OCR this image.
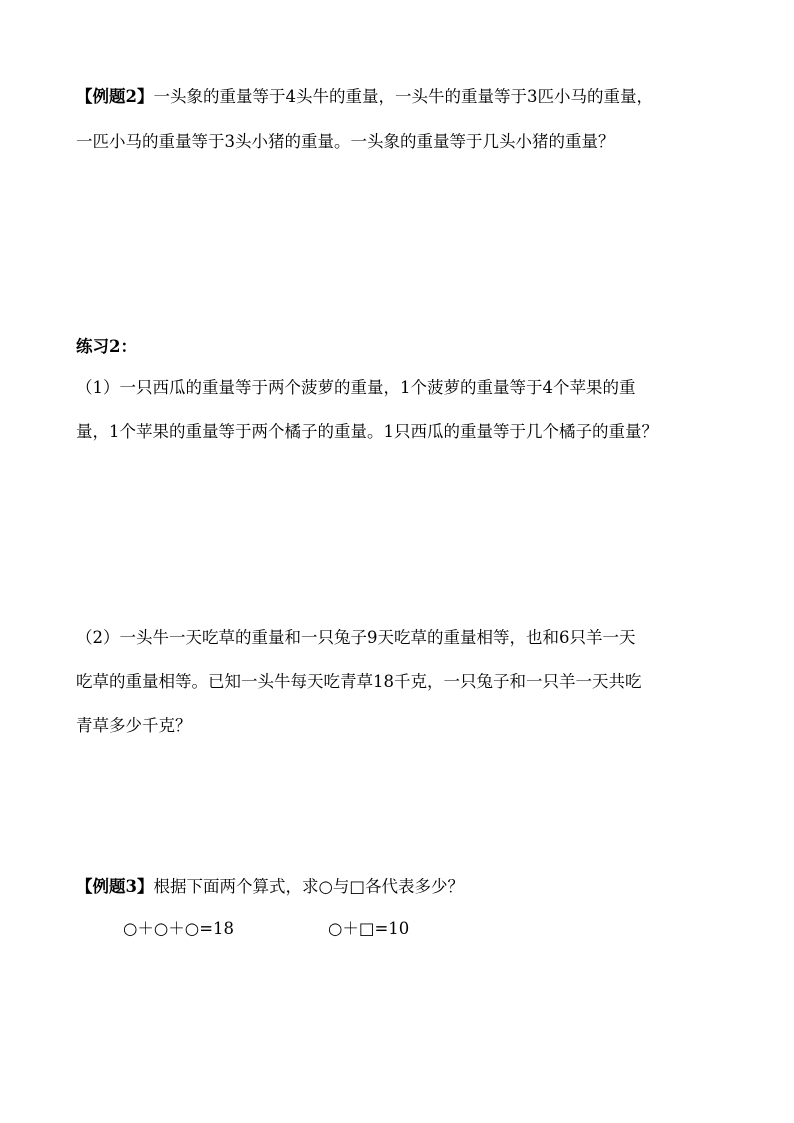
【例题2】一头象的重量等于4头牛的重量，一头牛的重量等于3匹小马的重量，
一匹小马的重量等于3头小猪的重量。一头象的重量等于几头小猪的重量？
练习2：
（1）一只西瓜的重量等于两个菠萝的重量，1个菠萝的重量等于4个苹果的重
量，1个苹果的重量等于两个橘子的重量。1只西瓜的重量等于几个橘子的重量？
（2）一头牛一天吃草的重量和一只兔子9天吃草的重量相等，也和6只羊一天
吃草的重量相等。已知一头牛每天吃青草18千克，一只兔子和一只羊一天共吃
青草多少千克？
【例题3】根据下面两个算式，求○与□各代表多少？
○＋○＋○=18	○＋□=10
